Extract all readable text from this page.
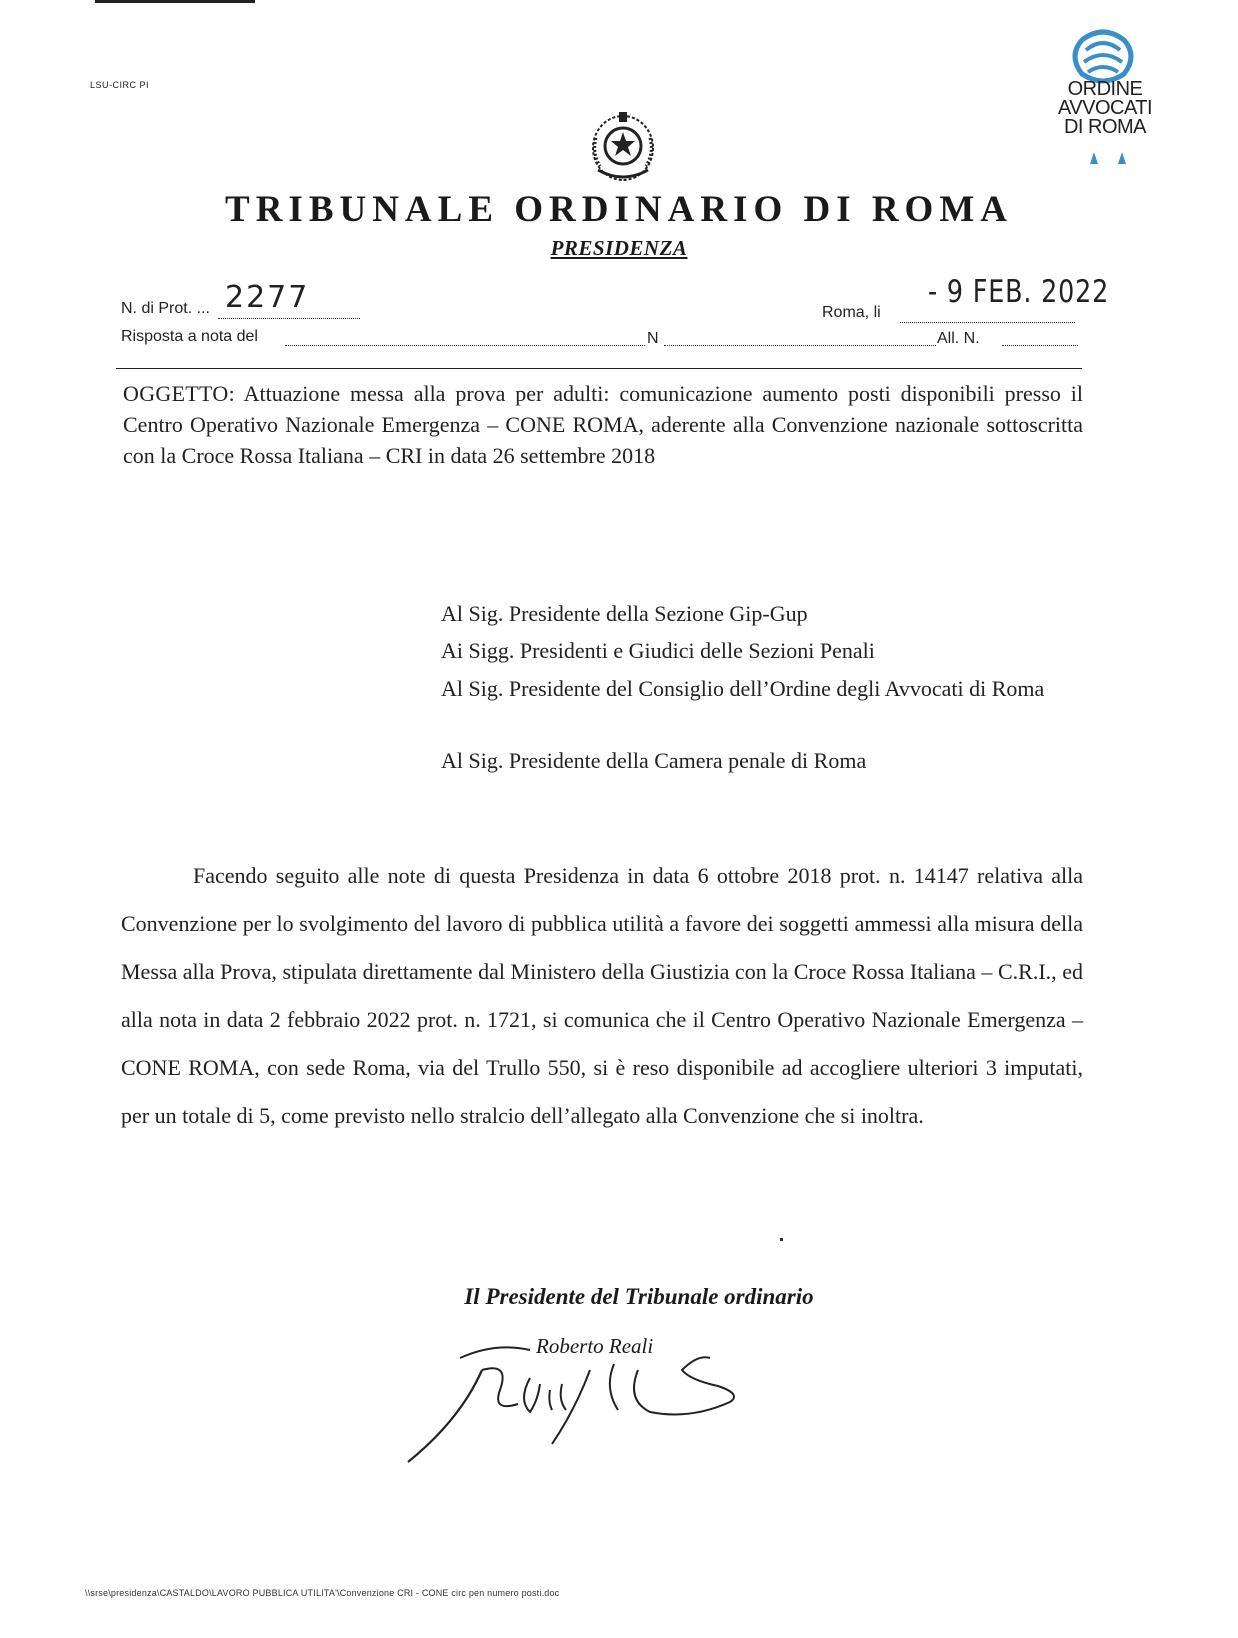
LSU-CIRC PI	ORDINE
AVVOCATI
DI ROMA
TRIBUNALE ORDINARIO DI ROMA
PRESIDENZA
N. di Prot. ... 2277	Roma, li
- 9 FEB. 2022
Risposta a nota del	N	All. N.
OGGETTO: Attuazione messa alla prova per adulti: comunicazione aumento posti disponibili presso il Centro Operativo Nazionale Emergenza – CONE ROMA, aderente alla Convenzione nazionale sottoscritta con la Croce Rossa Italiana – CRI in data 26 settembre 2018
Al Sig. Presidente della Sezione Gip-Gup
Ai Sigg. Presidenti e Giudici delle Sezioni Penali
Al Sig. Presidente del Consiglio dell’Ordine degli Avvocati di Roma
Al Sig. Presidente della Camera penale di Roma

Facendo seguito alle note di questa Presidenza in data 6 ottobre 2018 prot. n. 14147 relativa alla Convenzione per lo svolgimento del lavoro di pubblica utilità a favore dei soggetti ammessi alla misura della Messa alla Prova, stipulata direttamente dal Ministero della Giustizia con la Croce Rossa Italiana – C.R.I., ed alla nota in data 2 febbraio 2022 prot. n. 1721, si comunica che il Centro Operativo Nazionale Emergenza – CONE ROMA, con sede Roma, via del Trullo 550, si è reso disponibile ad accogliere ulteriori 3 imputati, per un totale di 5, come previsto nello stralcio dell’allegato alla Convenzione che si inoltra.

Il Presidente del Tribunale ordinario
Roberto Reali
\\srse\presidenza\CASTALDO\LAVORO PUBBLICA UTILITA'\Convenzione CRI - CONE circ pen numero posti.doc
